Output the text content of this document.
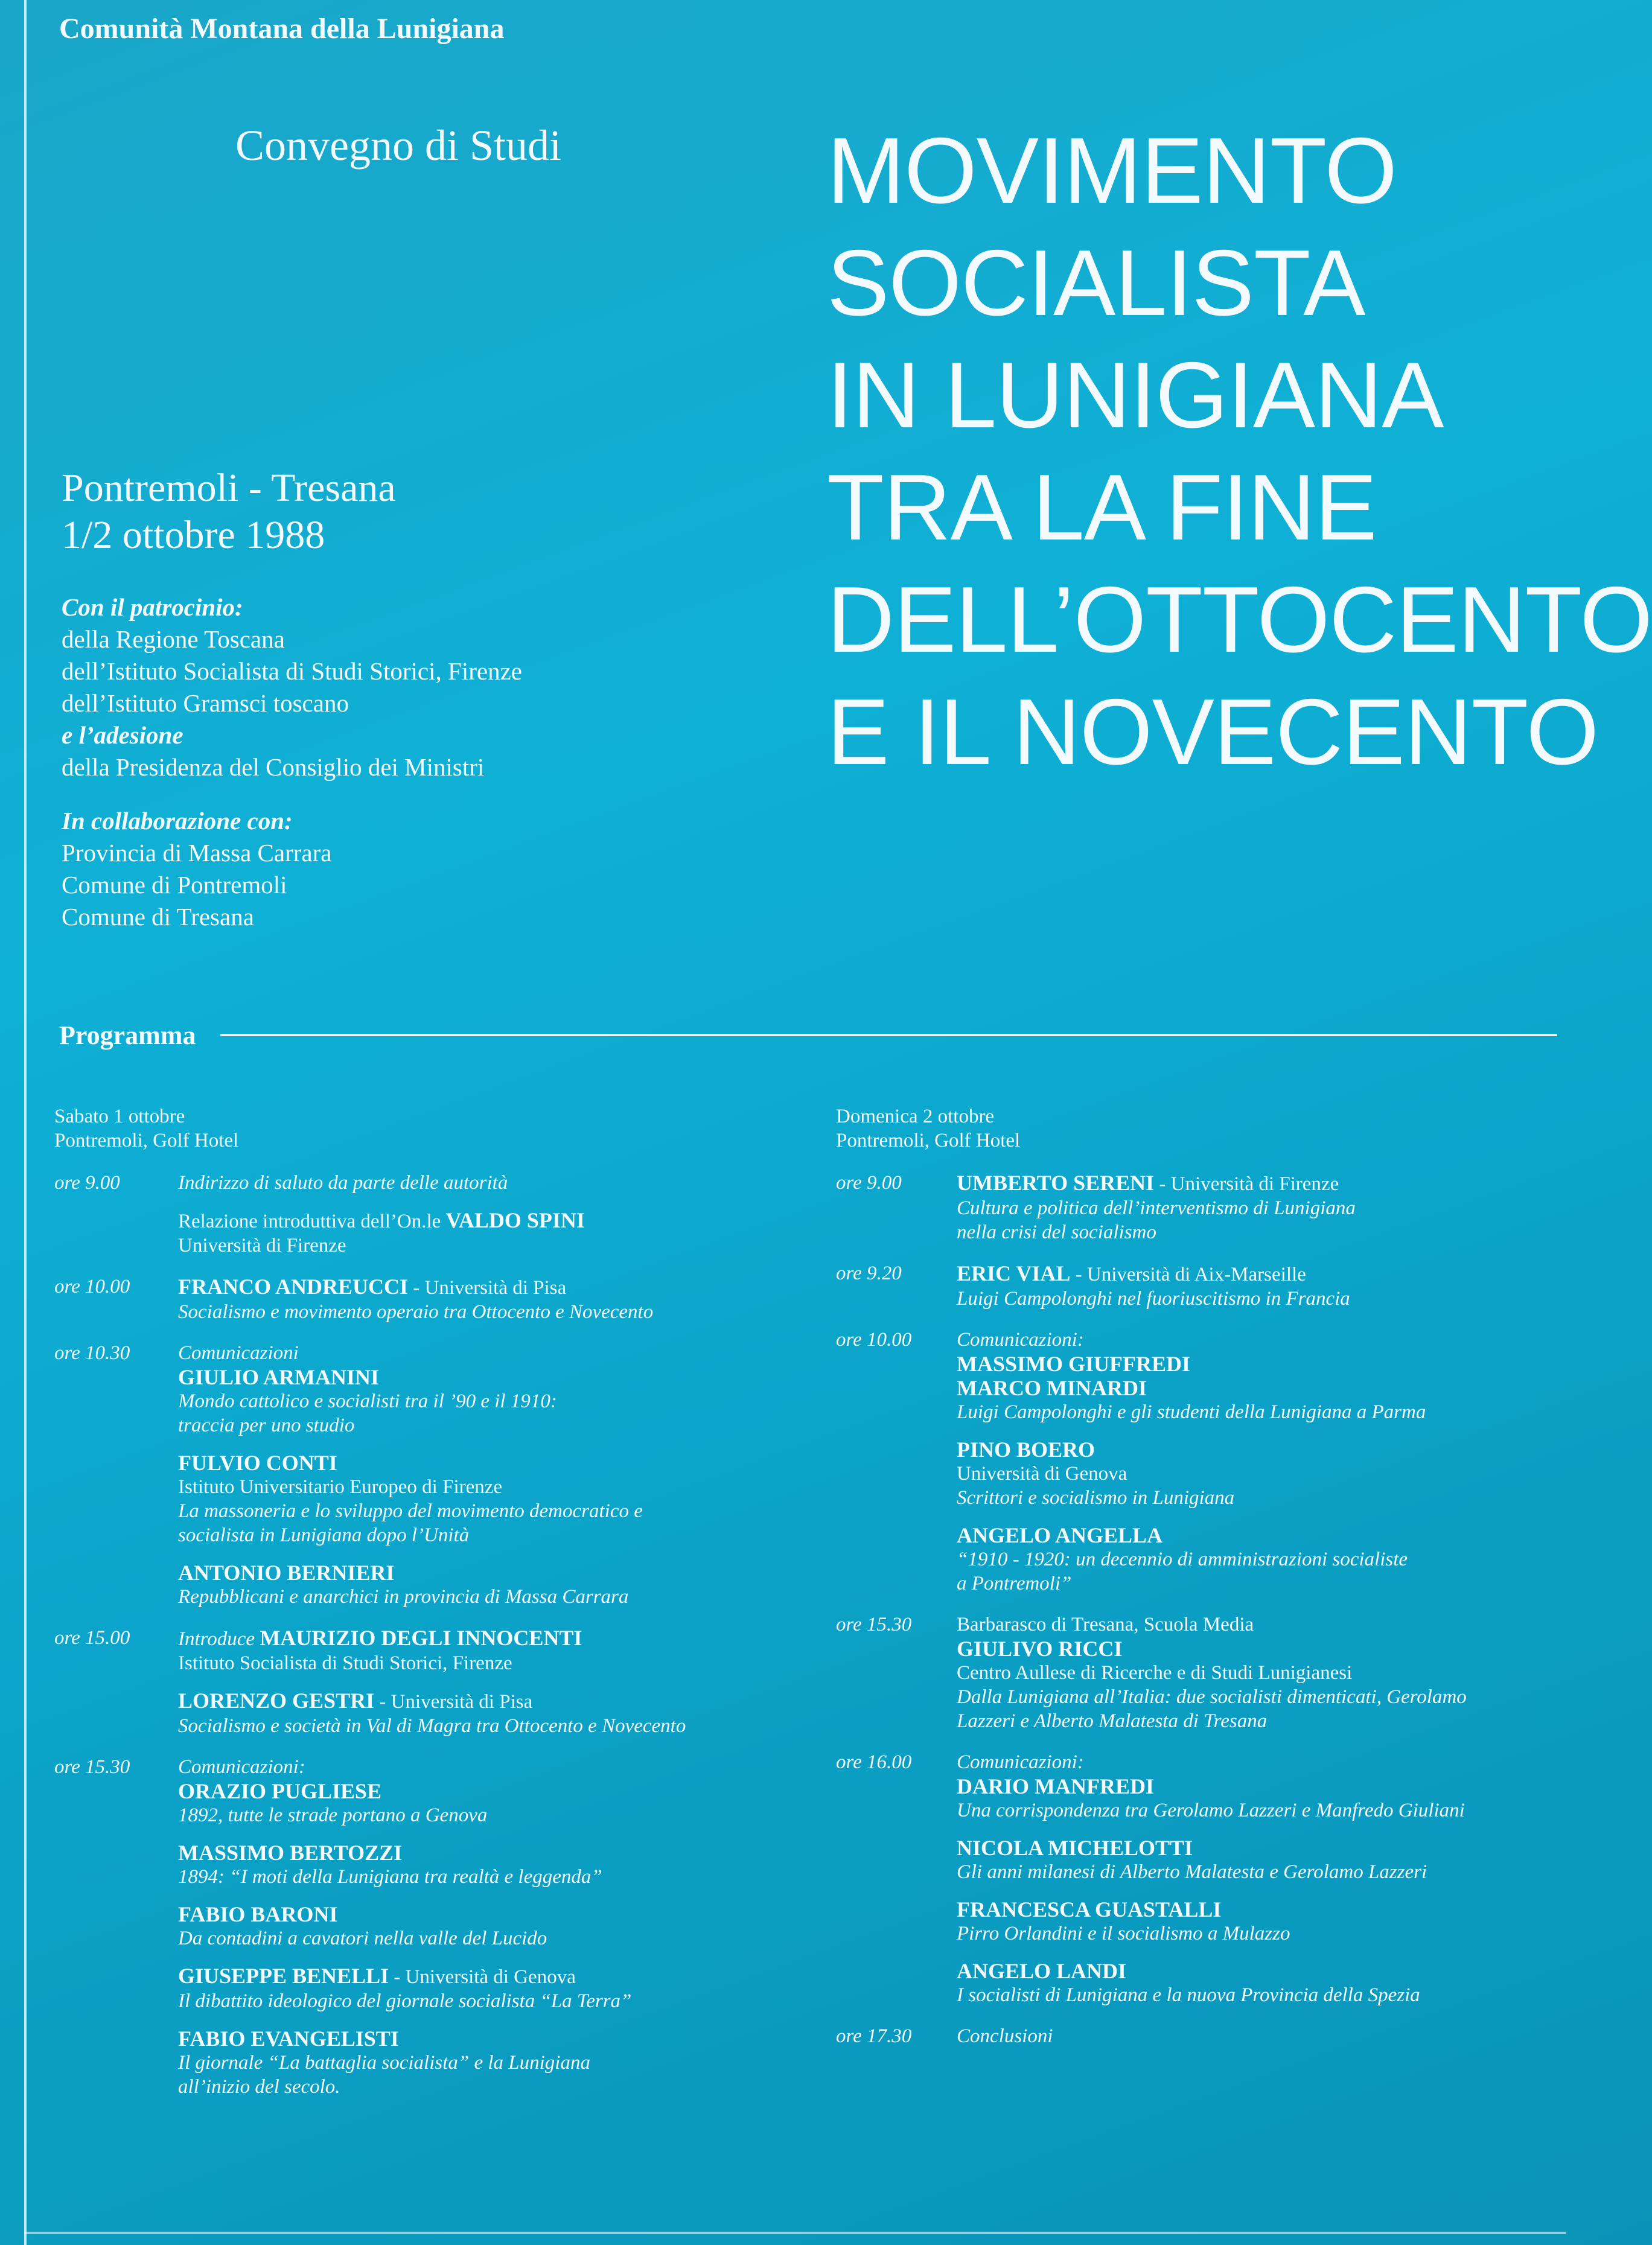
Comunità Montana della Lunigiana
Convegno di Studi	MOVIMENTO
SOCIALISTA
IN LUNIGIANA
TRA LA FINE
DELL’OTTOCENTO
E IL NOVECENTO
Pontremoli - Tresana
1/2 ottobre 1988
Con il patrocinio:
della Regione Toscana
dell’Istituto Socialista di Studi Storici, Firenze
dell’Istituto Gramsci toscano
e l’adesione
della Presidenza del Consiglio dei Ministri
In collaborazione con:
Provincia di Massa Carrara
Comune di Pontremoli
Comune di Tresana
Programma
Sabato 1 ottobre
Pontremoli, Golf Hotel
ore 9.00	Indirizzo di saluto da parte delle autorità
Relazione introduttiva dell’On.le VALDO SPINI
Università di Firenze
ore 10.00	FRANCO ANDREUCCI - Università di Pisa
Socialismo e movimento operaio tra Ottocento e Novecento
ore 10.30	Comunicazioni
GIULIO ARMANINI
Mondo cattolico e socialisti tra il ’90 e il 1910:
traccia per uno studio
FULVIO CONTI
Istituto Universitario Europeo di Firenze
La massoneria e lo sviluppo del movimento democratico e
socialista in Lunigiana dopo l’Unità
ANTONIO BERNIERI
Repubblicani e anarchici in provincia di Massa Carrara
ore 15.00	Introduce MAURIZIO DEGLI INNOCENTI
Istituto Socialista di Studi Storici, Firenze
LORENZO GESTRI - Università di Pisa
Socialismo e società in Val di Magra tra Ottocento e Novecento
ore 15.30	Comunicazioni:
ORAZIO PUGLIESE
1892, tutte le strade portano a Genova
MASSIMO BERTOZZI
1894: “I moti della Lunigiana tra realtà e leggenda”
FABIO BARONI
Da contadini a cavatori nella valle del Lucido
GIUSEPPE BENELLI - Università di Genova
Il dibattito ideologico del giornale socialista “La Terra”
FABIO EVANGELISTI
Il giornale “La battaglia socialista” e la Lunigiana
all’inizio del secolo.
Domenica 2 ottobre
Pontremoli, Golf Hotel
ore 9.00	UMBERTO SERENI - Università di Firenze
Cultura e politica dell’interventismo di Lunigiana
nella crisi del socialismo
ore 9.20	ERIC VIAL - Università di Aix-Marseille
Luigi Campolonghi nel fuoriuscitismo in Francia
ore 10.00	Comunicazioni:
MASSIMO GIUFFREDI
MARCO MINARDI
Luigi Campolonghi e gli studenti della Lunigiana a Parma
PINO BOERO
Università di Genova
Scrittori e socialismo in Lunigiana
ANGELO ANGELLA
“1910 - 1920: un decennio di amministrazioni socialiste
a Pontremoli”
ore 15.30	Barbarasco di Tresana, Scuola Media
GIULIVO RICCI
Centro Aullese di Ricerche e di Studi Lunigianesi
Dalla Lunigiana all’Italia: due socialisti dimenticati, Gerolamo
Lazzeri e Alberto Malatesta di Tresana
ore 16.00	Comunicazioni:
DARIO MANFREDI
Una corrispondenza tra Gerolamo Lazzeri e Manfredo Giuliani
NICOLA MICHELOTTI
Gli anni milanesi di Alberto Malatesta e Gerolamo Lazzeri
FRANCESCA GUASTALLI
Pirro Orlandini e il socialismo a Mulazzo
ANGELO LANDI
I socialisti di Lunigiana e la nuova Provincia della Spezia
ore 17.30	Conclusioni
